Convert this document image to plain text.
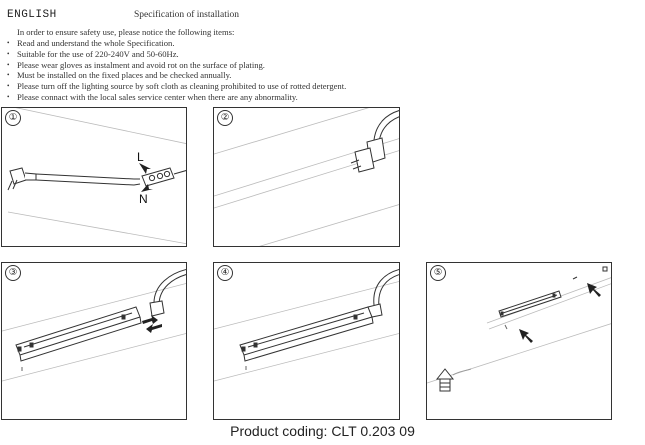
ENGLISH	Specification of installation
In order to ensure safety use, please notice the following items:
• Read and understand the whole Specification.
• Suitable for the use of 220-240V and 50-60Hz.
• Please wear gloves as instalment and avoid rot on the surface of plating.
• Must be installed on the fixed places and be checked annually.
• Please turn off the lighting source by soft cloth as cleaning prohibited to use of rotted detergent.
• Please connact with the local sales service center when there are any abnormality.
①
L
N
②
③	④	⑤
Product coding: CLT 0.203 09
